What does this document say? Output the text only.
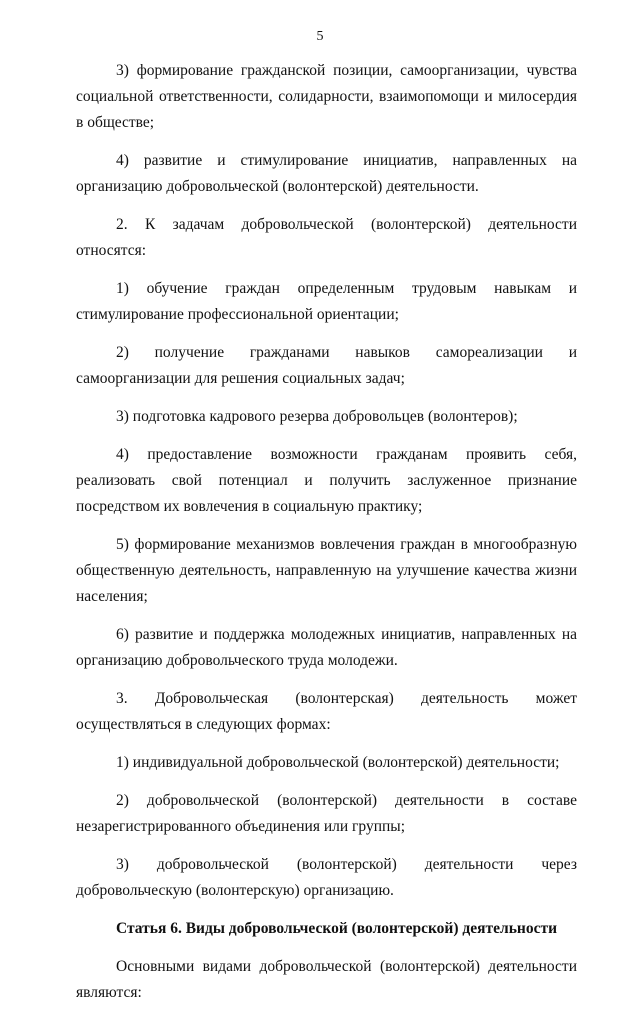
5

3) формирование гражданской позиции, самоорганизации, чувства социальной ответственности, солидарности, взаимопомощи и милосердия в обществе;

4) развитие и стимулирование инициатив, направленных на организацию добровольческой (волонтерской) деятельности.

2. К задачам добровольческой (волонтерской) деятельности относятся:

1) обучение граждан определенным трудовым навыкам и стимулирование профессиональной ориентации;

2) получение гражданами навыков самореализации и самоорганизации для решения социальных задач;

3) подготовка кадрового резерва добровольцев (волонтеров);

4) предоставление возможности гражданам проявить себя, реализовать свой потенциал и получить заслуженное признание посредством их вовлечения в социальную практику;

5) формирование механизмов вовлечения граждан в многообразную общественную деятельность, направленную на улучшение качества жизни населения;

6) развитие и поддержка молодежных инициатив, направленных на организацию добровольческого труда молодежи.

3. Добровольческая (волонтерская) деятельность может осуществляться в следующих формах:

1) индивидуальной добровольческой (волонтерской) деятельности;

2) добровольческой (волонтерской) деятельности в составе незарегистрированного объединения или группы;

3) добровольческой (волонтерской) деятельности через добровольческую (волонтерскую) организацию.

Статья 6. Виды добровольческой (волонтерской) деятельности

Основными видами добровольческой (волонтерской) деятельности являются:
